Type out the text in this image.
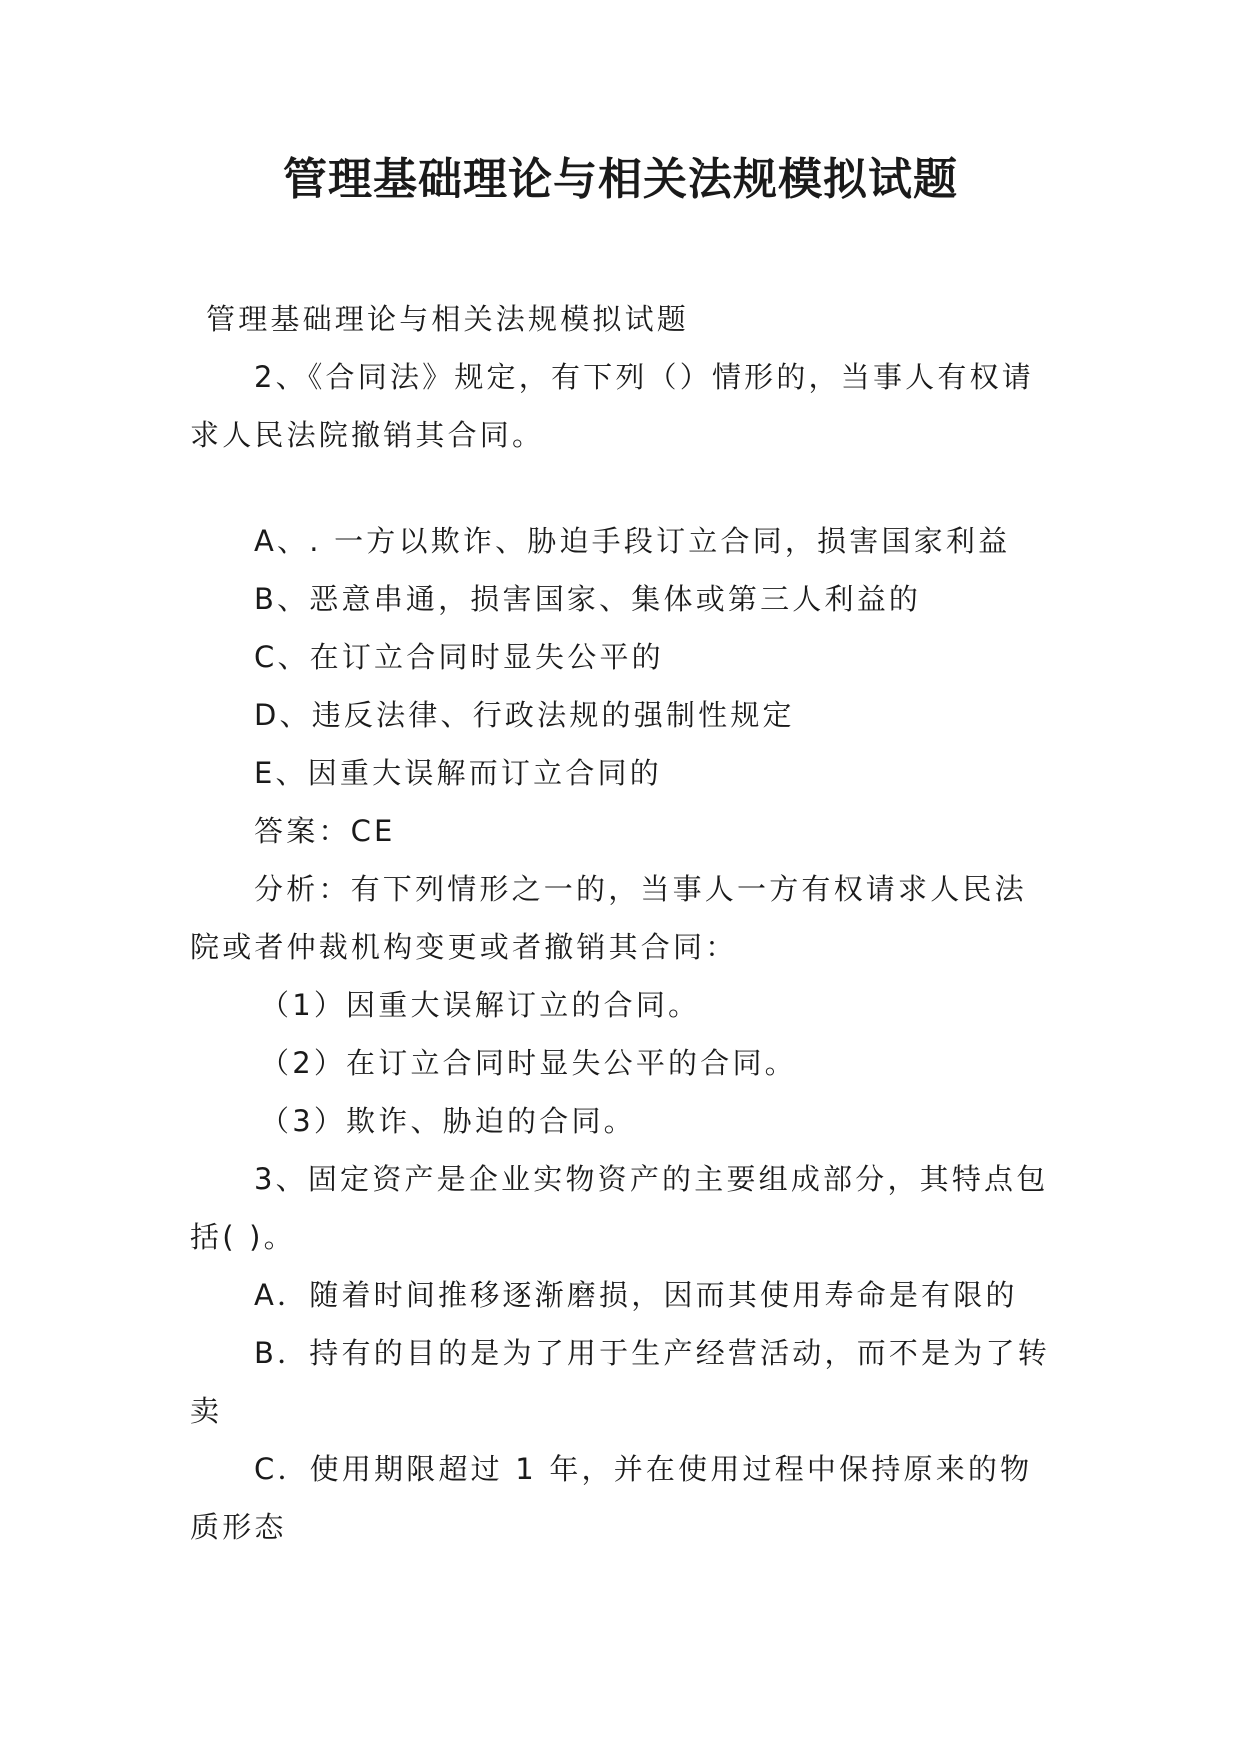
管理基础理论与相关法规模拟试题

管理基础理论与相关法规模拟试题

2、《合同法》规定，有下列（）情形的，当事人有权请求人民法院撤销其合同。

A、. 一方以欺诈、胁迫手段订立合同，损害国家利益

B、恶意串通，损害国家、集体或第三人利益的

C、在订立合同时显失公平的

D、违反法律、行政法规的强制性规定

E、因重大误解而订立合同的

答案：CE

分析：有下列情形之一的，当事人一方有权请求人民法院或者仲裁机构变更或者撤销其合同：

（1）因重大误解订立的合同。

（2）在订立合同时显失公平的合同。

（3）欺诈、胁迫的合同。

3、固定资产是企业实物资产的主要组成部分，其特点包括( )。

A．随着时间推移逐渐磨损，因而其使用寿命是有限的

B．持有的目的是为了用于生产经营活动，而不是为了转卖

C．使用期限超过 1 年，并在使用过程中保持原来的物质形态
